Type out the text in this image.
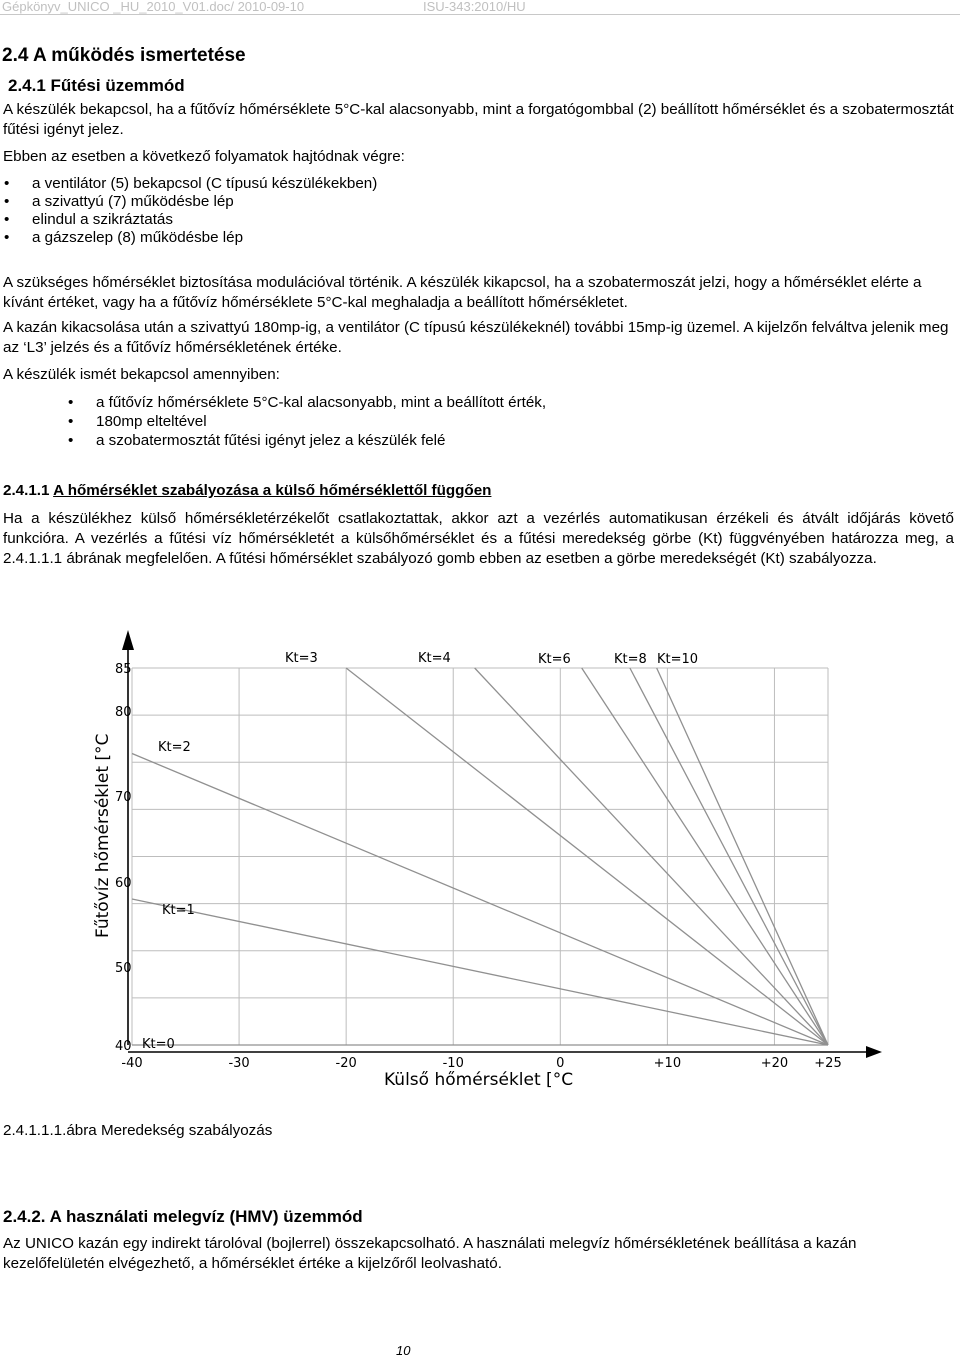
Gépkönyv_UNICO _HU_2010_V01.doc/ 2010-09-10	ISU-343:2010/HU
2.4 A működés ismertetése
2.4.1 Fűtési üzemmód
A készülék bekapcsol, ha a fűtővíz hőmérséklete 5°C-kal alacsonyabb, mint a forgatógombbal (2) beállított hőmérséklet és a szobatermosztát fűtési igényt jelez.
Ebben az esetben a következő folyamatok hajtódnak végre:
• a ventilátor (5) bekapcsol (C típusú készülékekben)
• a szivattyú (7) működésbe lép
• elindul a szikráztatás
• a gázszelep (8) működésbe lép
A szükséges hőmérséklet biztosítása modulációval történik. A készülék kikapcsol, ha a szobatermoszát jelzi, hogy a hőmérséklet elérte a kívánt értéket, vagy ha a fűtővíz hőmérséklete 5°C-kal meghaladja a beállított hőmérsékletet.
A kazán kikacsolása után a szivattyú 180mp-ig, a ventilátor (C típusú készülékeknél) további 15mp-ig üzemel. A kijelzőn felváltva jelenik meg az ‘L3’ jelzés és a fűtővíz hőmérsékletének értéke.
A készülék ismét bekapcsol amennyiben:
• a fűtővíz hőmérséklete 5°C-kal alacsonyabb, mint a beállított érték,
• 180mp elteltével
• a szobatermosztát fűtési igényt jelez a készülék felé
2.4.1.1 A hőmérséklet szabályozása a külső hőmérséklettől függően
Ha a készülékhez külső hőmérsékletérzékelőt csatlakoztattak, akkor azt a vezérlés automatikusan érzékeli és átvált időjárás követő funkcióra. A vezérlés a fűtési víz hőmérsékletét a külsőhőmérséklet és a fűtési meredekség görbe (Kt) függvényében határozza meg, a 2.4.1.1.1 ábrának megfelelően. A fűtési hőmérséklet szabályozó gomb ebben az esetben a görbe meredekségét (Kt) szabályozza.
40
50
60
70
80
85
-40	-30	-20	-10	0	+10	+20 +25
Kt=0
Kt=1
Kt=2
Kt=3	Kt=4	Kt=6	Kt=8 Kt=10
Fűtővíz hőmérséklet [°C
Külső hőmérséklet [°C
2.4.1.1.1.ábra Meredekség szabályozás
2.4.2. A használati melegvíz (HMV) üzemmód
Az UNICO kazán egy indirekt tárolóval (bojlerrel) összekapcsolható. A használati melegvíz hőmérsékletének beállítása a kazán kezelőfelületén elvégezhető, a hőmérséklet értéke a kijelzőről leolvasható.
10
